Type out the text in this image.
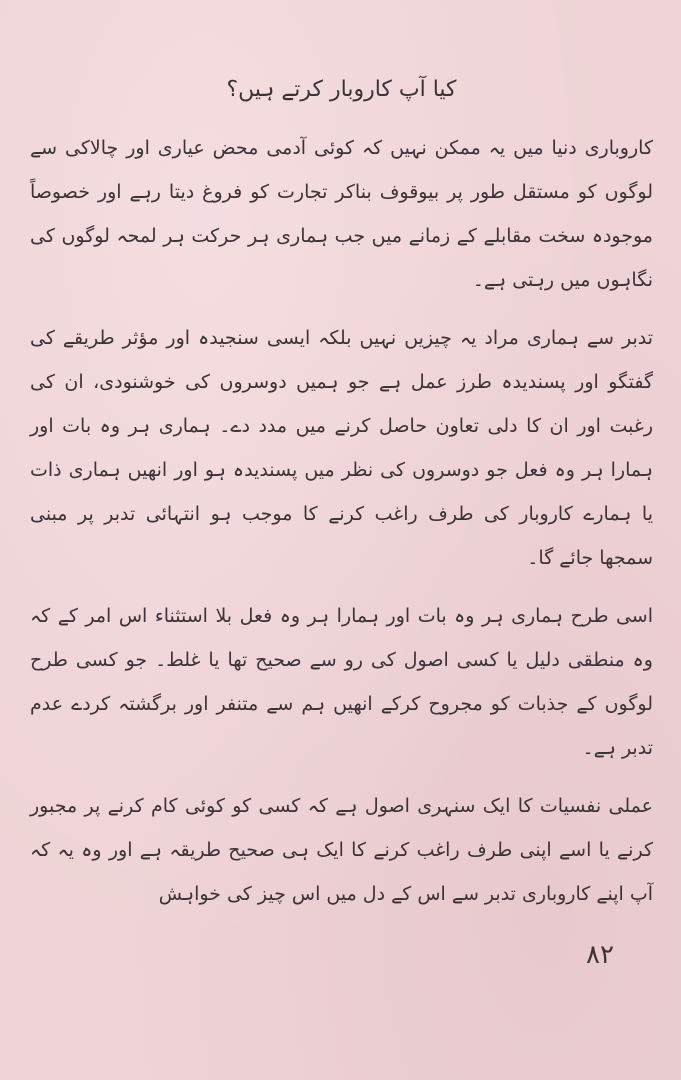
کیا آپ کاروبار کرتے ہیں؟

کاروباری دنیا میں یہ ممکن نہیں کہ کوئی آدمی محض عیاری اور چالاکی سے لوگوں کو مستقل طور پر بیوقوف بناکر تجارت کو فروغ دیتا رہے اور خصوصاً موجودہ سخت مقابلے کے زمانے میں جب ہماری ہر حرکت ہر لمحہ لوگوں کی نگاہوں میں رہتی ہے۔

تدبر سے ہماری مراد یہ چیزیں نہیں بلکہ ایسی سنجیدہ اور مؤثر طریقے کی گفتگو اور پسندیدہ طرز عمل ہے جو ہمیں دوسروں کی خوشنودی، ان کی رغبت اور ان کا دلی تعاون حاصل کرنے میں مدد دے۔ ہماری ہر وہ بات اور ہمارا ہر وہ فعل جو دوسروں کی نظر میں پسندیدہ ہو اور انھیں ہماری ذات یا ہمارے کاروبار کی طرف راغب کرنے کا موجب ہو انتہائی تدبر پر مبنی سمجھا جائے گا۔

اسی طرح ہماری ہر وہ بات اور ہمارا ہر وہ فعل بلا استثناء اس امر کے کہ وہ منطقی دلیل یا کسی اصول کی رو سے صحیح تھا یا غلط۔ جو کسی طرح لوگوں کے جذبات کو مجروح کرکے انھیں ہم سے متنفر اور برگشتہ کردے عدم تدبر ہے۔

عملی نفسیات کا ایک سنہری اصول ہے کہ کسی کو کوئی کام کرنے پر مجبور کرنے یا اسے اپنی طرف راغب کرنے کا ایک ہی صحیح طریقہ ہے اور وہ یہ کہ آپ اپنے کاروباری تدبر سے اس کے دل میں اس چیز کی خواہش

۸۲
